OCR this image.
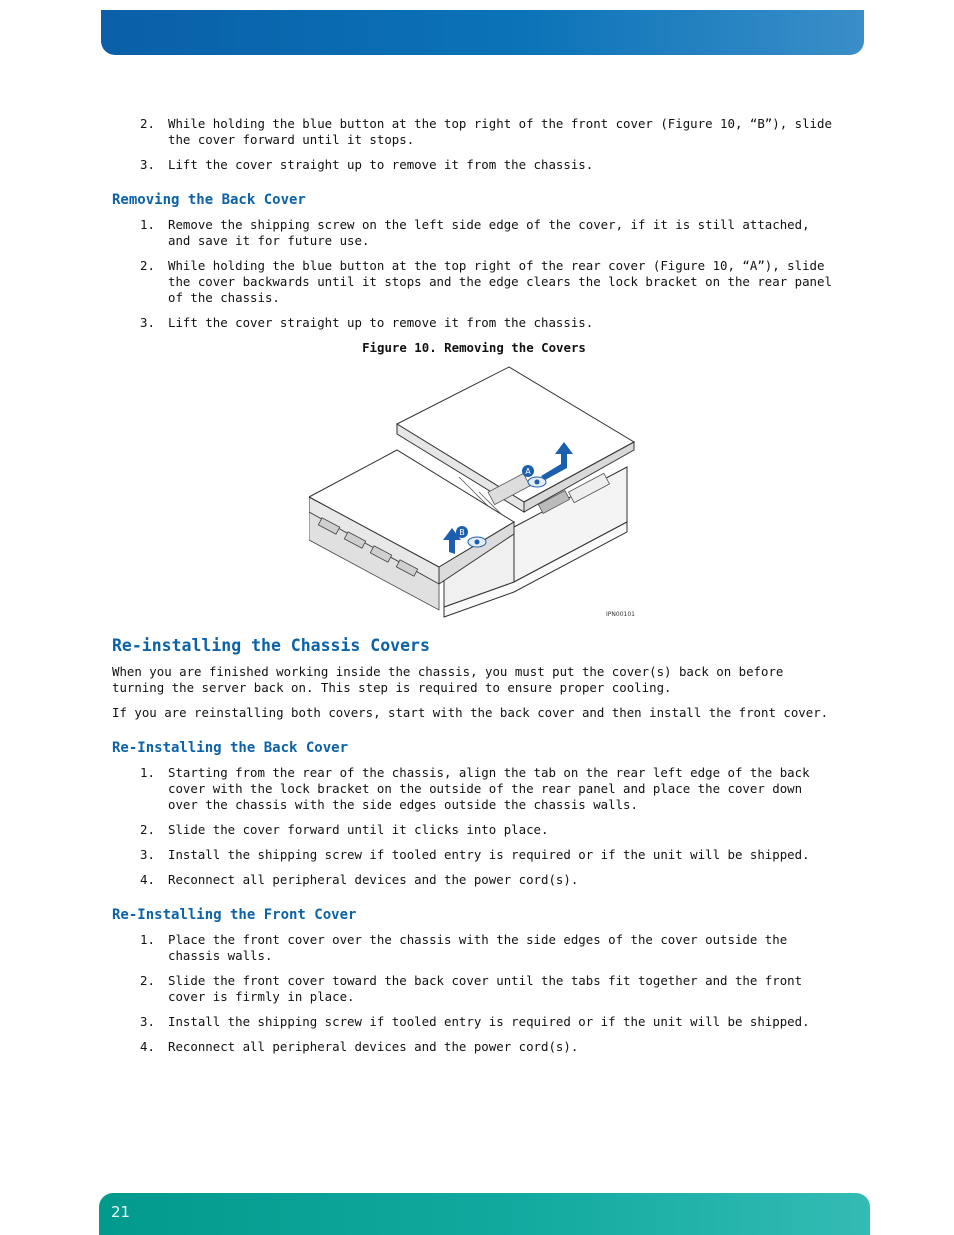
2. While holding the blue button at the top right of the front cover (Figure 10, “B”), slide the cover forward until it stops.
3. Lift the cover straight up to remove it from the chassis.
Removing the Back Cover
1. Remove the shipping screw on the left side edge of the cover, if it is still attached, and save it for future use.
2. While holding the blue button at the top right of the rear cover (Figure 10, “A”), slide the cover backwards until it stops and the edge clears the lock bracket on the rear panel of the chassis.
3. Lift the cover straight up to remove it from the chassis.
Figure 10. Removing the Covers
A
B
IPN00101
Re-installing the Chassis Covers

When you are finished working inside the chassis, you must put the cover(s) back on before turning the server back on. This step is required to ensure proper cooling.

If you are reinstalling both covers, start with the back cover and then install the front cover.

Re-Installing the Back Cover
1. Starting from the rear of the chassis, align the tab on the rear left edge of the back cover with the lock bracket on the outside of the rear panel and place the cover down over the chassis with the side edges outside the chassis walls.
2. Slide the cover forward until it clicks into place.
3. Install the shipping screw if tooled entry is required or if the unit will be shipped.
4. Reconnect all peripheral devices and the power cord(s).
Re-Installing the Front Cover
1. Place the front cover over the chassis with the side edges of the cover outside the chassis walls.
2. Slide the front cover toward the back cover until the tabs fit together and the front cover is firmly in place.
3. Install the shipping screw if tooled entry is required or if the unit will be shipped.
4. Reconnect all peripheral devices and the power cord(s).
21
